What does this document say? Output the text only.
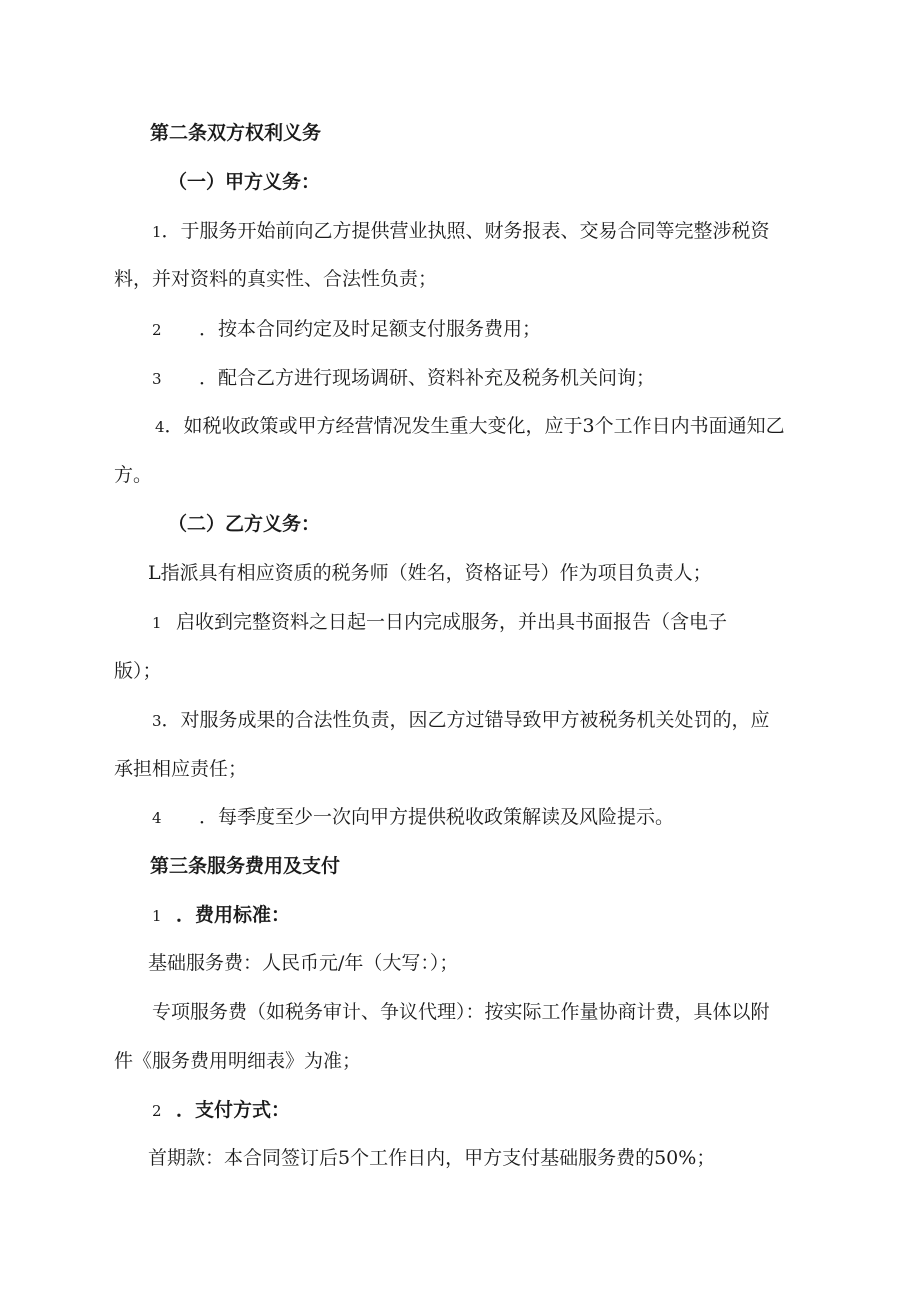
第二条双方权利义务
（一）甲方义务：
1．于服务开始前向乙方提供营业执照、财务报表、交易合同等完整涉税资
料，并对资料的真实性、合法性负责；
2 ．按本合同约定及时足额支付服务费用；
3 ．配合乙方进行现场调研、资料补充及税务机关问询；
4．如税收政策或甲方经营情况发生重大变化，应于3个工作日内书面通知乙
方。
（二）乙方义务：
L指派具有相应资质的税务师（姓名，资格证号）作为项目负责人；
1 启收到完整资料之日起一日内完成服务，并出具书面报告（含电子
版）；
3．对服务成果的合法性负责，因乙方过错导致甲方被税务机关处罚的，应
承担相应责任；
4 ．每季度至少一次向甲方提供税收政策解读及风险提示。
第三条服务费用及支付
1 ．费用标准：
基础服务费：人民币元/年（大写：）；
专项服务费（如税务审计、争议代理）：按实际工作量协商计费，具体以附
件《服务费用明细表》为准；
2 ．支付方式：
首期款：本合同签订后5个工作日内，甲方支付基础服务费的50%；
